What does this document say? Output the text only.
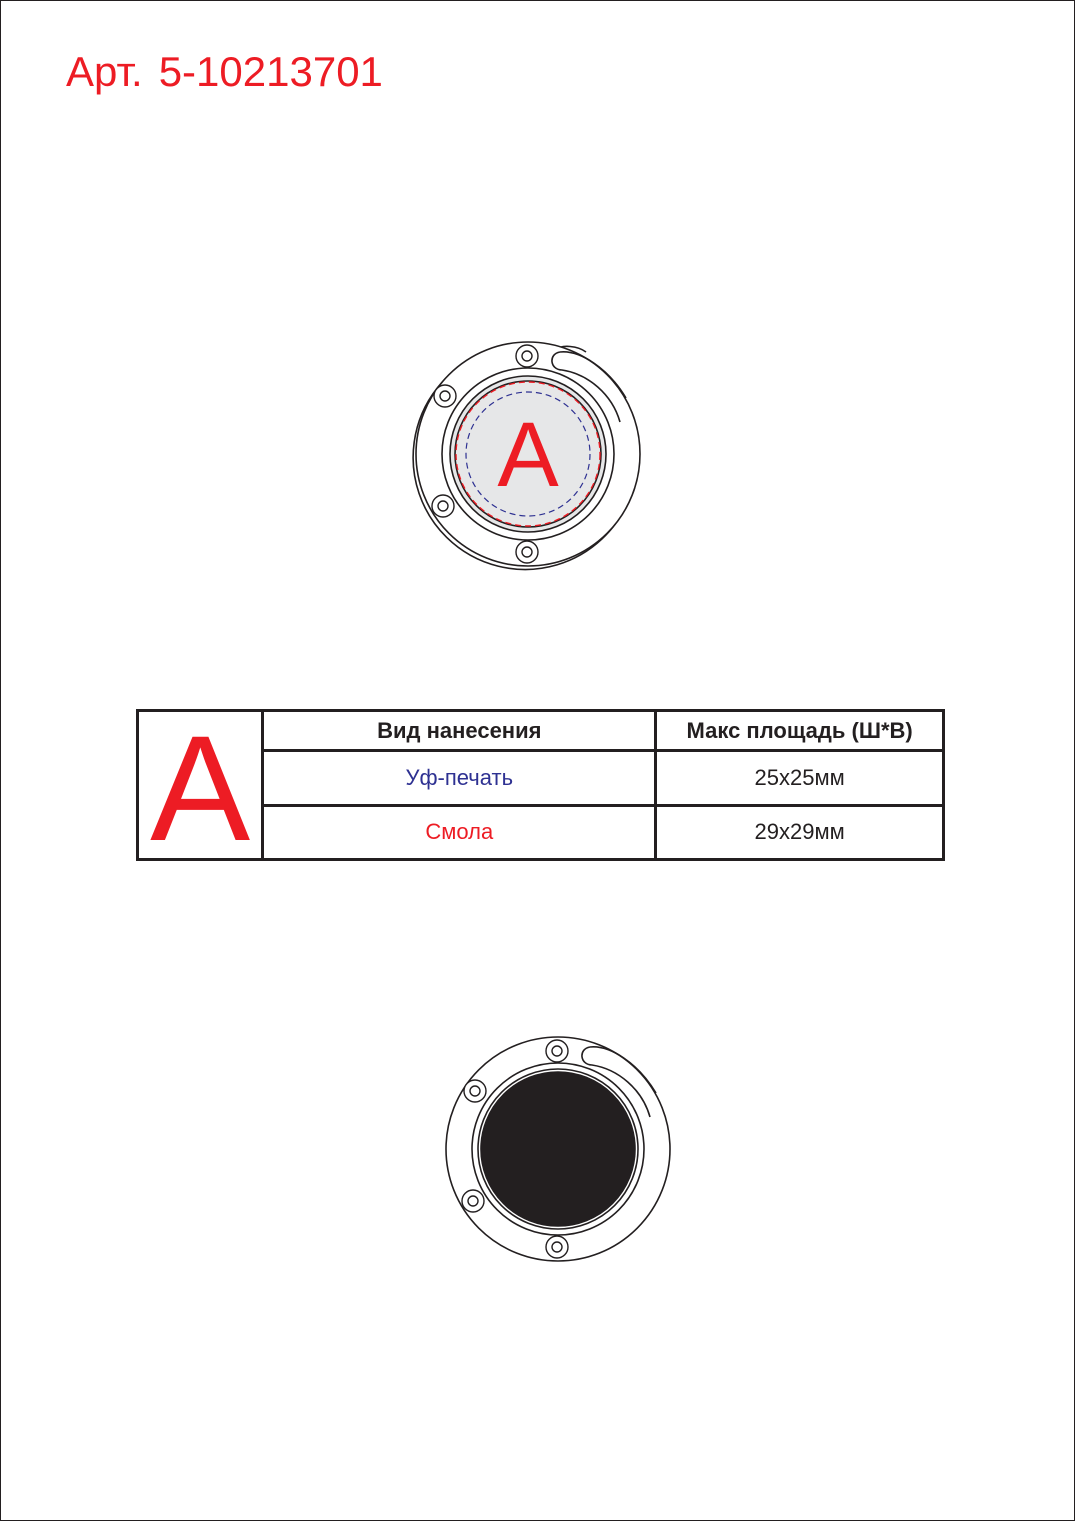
Арт. 5-10213701
A
A	Вид нанесения	Макс площадь (Ш*В)
	Уф-печать	25x25мм
	Смола	29x29мм
